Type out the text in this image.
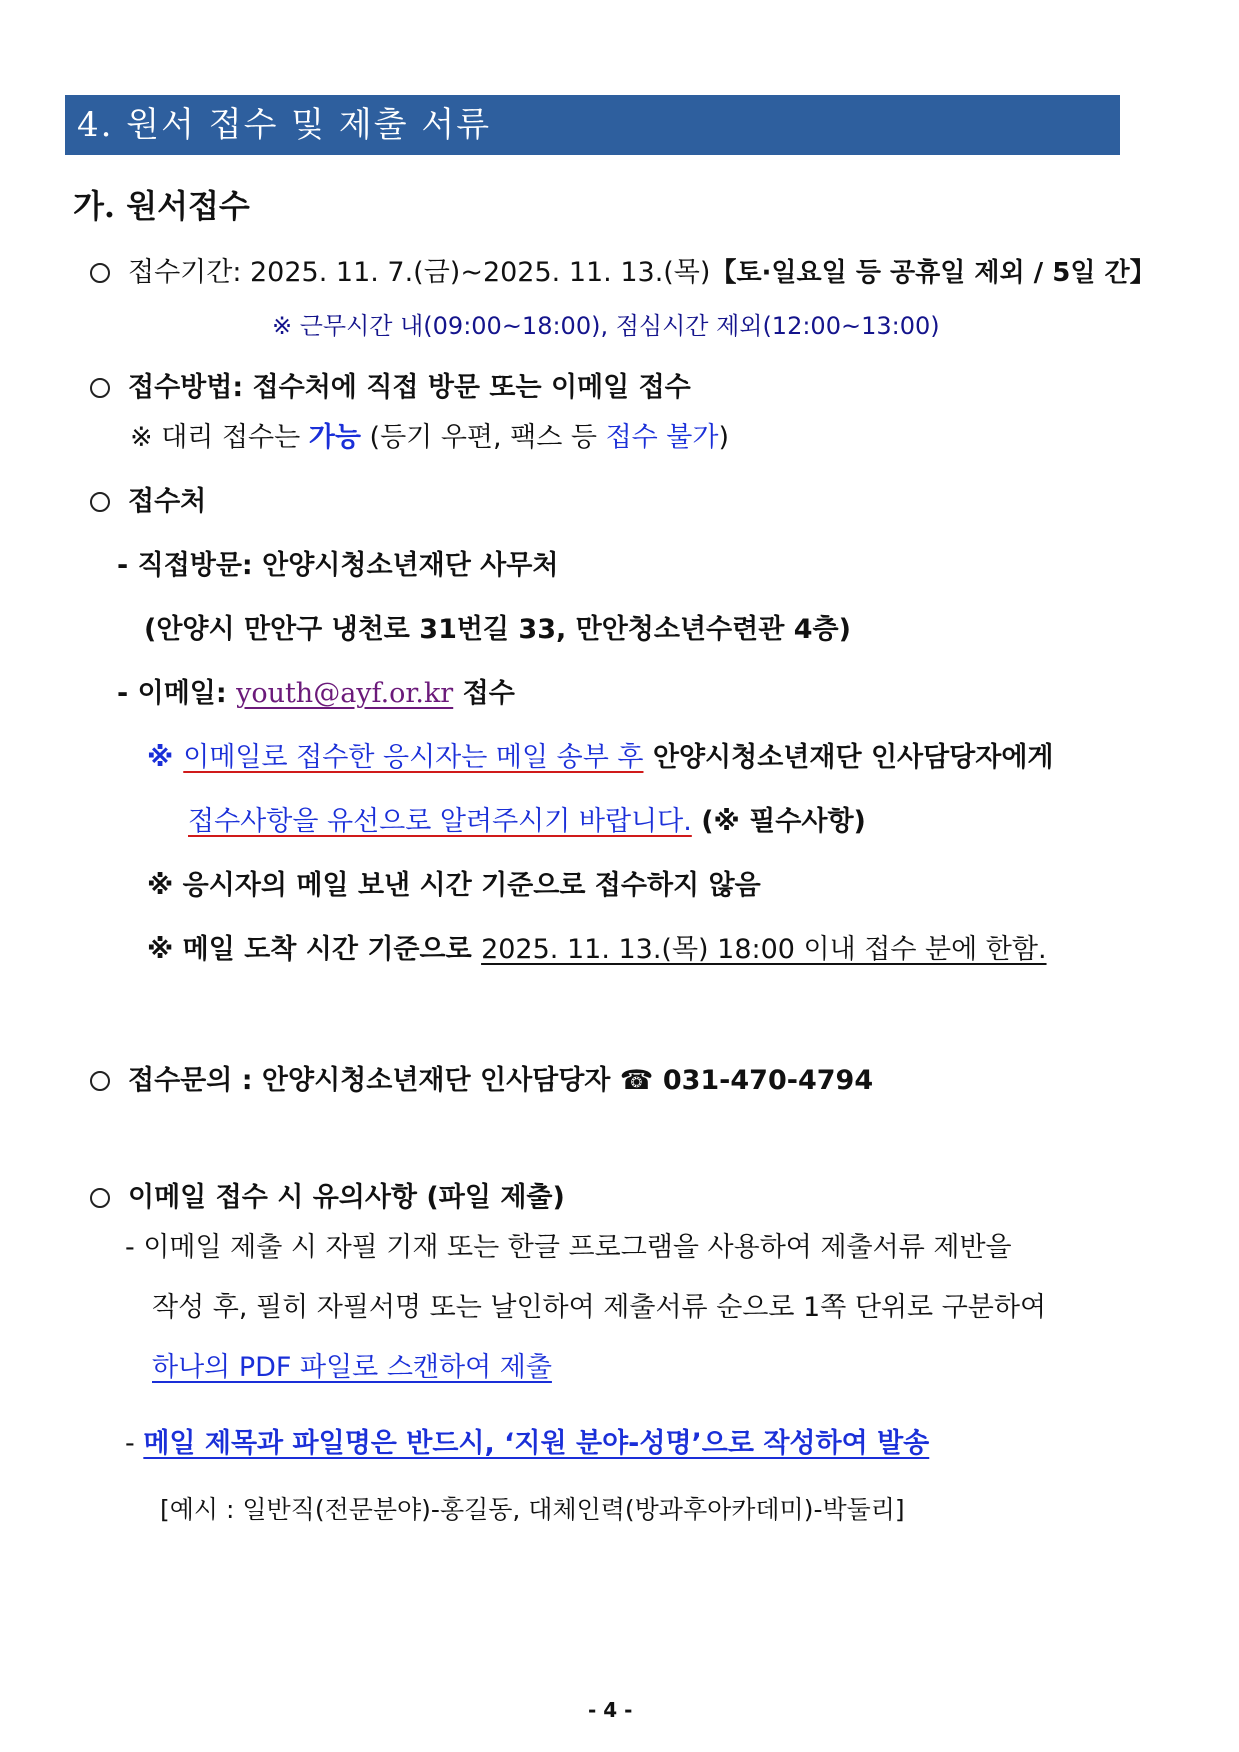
4. 원서 접수 및 제출 서류
가. 원서접수
접수기간: 2025. 11. 7.(금)~2025. 11. 13.(목)【토·일요일 등 공휴일 제외 / 5일 간】
※ 근무시간 내(09:00~18:00), 점심시간 제외(12:00~13:00)
접수방법: 접수처에 직접 방문 또는 이메일 접수
※ 대리 접수는 가능 (등기 우편, 팩스 등 접수 불가)
접수처
- 직접방문: 안양시청소년재단 사무처
(안양시 만안구 냉천로 31번길 33, 만안청소년수련관 4층)
- 이메일: youth@ayf.or.kr 접수
※ 이메일로 접수한 응시자는 메일 송부 후 안양시청소년재단 인사담당자에게
접수사항을 유선으로 알려주시기 바랍니다. (※ 필수사항)
※ 응시자의 메일 보낸 시간 기준으로 접수하지 않음
※ 메일 도착 시간 기준으로 2025. 11. 13.(목) 18:00 이내 접수 분에 한함.
접수문의 : 안양시청소년재단 인사담당자 ☎ 031-470-4794
이메일 접수 시 유의사항 (파일 제출)
- 이메일 제출 시 자필 기재 또는 한글 프로그램을 사용하여 제출서류 제반을
작성 후, 필히 자필서명 또는 날인하여 제출서류 순으로 1쪽 단위로 구분하여
하나의 PDF 파일로 스캔하여 제출
- 메일 제목과 파일명은 반드시, ‘지원 분야-성명’으로 작성하여 발송
[예시 : 일반직(전문분야)-홍길동, 대체인력(방과후아카데미)-박둘리]
- 4 -
